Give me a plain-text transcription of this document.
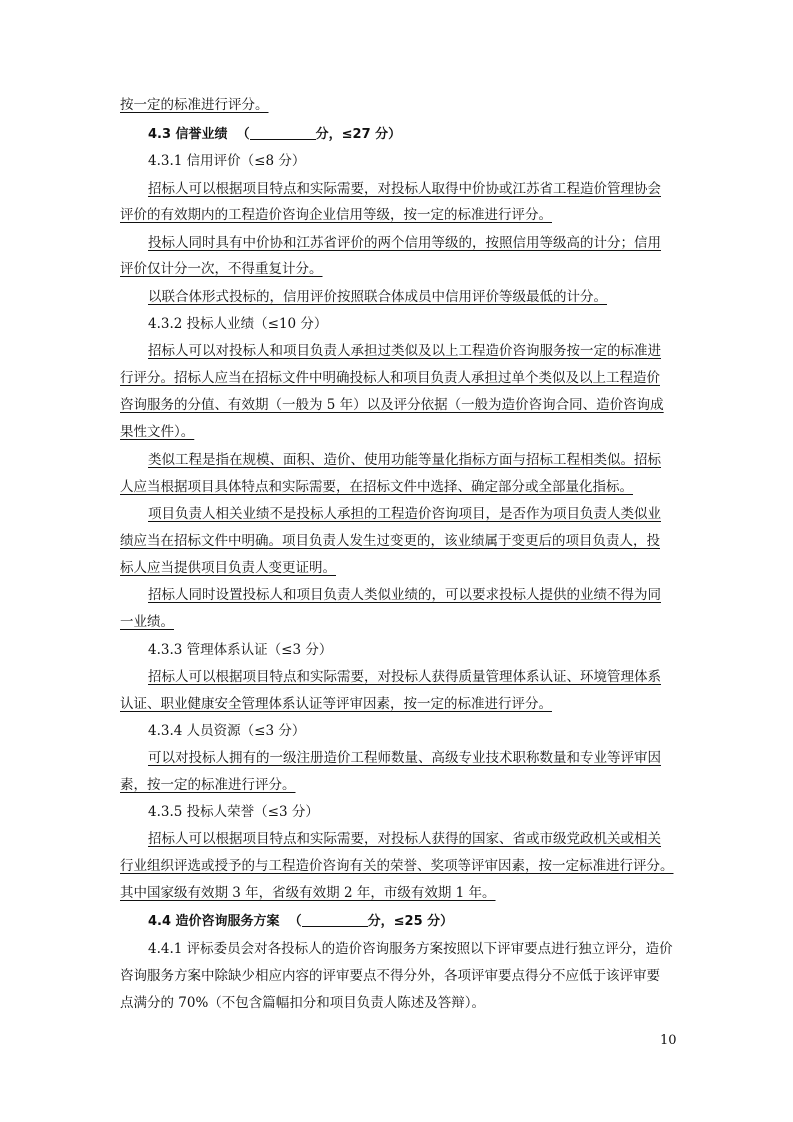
按一定的标准进行评分。
4.3 信誉业绩 （	分，≤27 分）
4.3.1 信用评价（≤8 分）
招标人可以根据项目特点和实际需要，对投标人取得中价协或江苏省工程造价管理协会
评价的有效期内的工程造价咨询企业信用等级，按一定的标准进行评分。
投标人同时具有中价协和江苏省评价的两个信用等级的，按照信用等级高的计分；信用
评价仅计分一次，不得重复计分。
以联合体形式投标的，信用评价按照联合体成员中信用评价等级最低的计分。
4.3.2 投标人业绩（≤10 分）
招标人可以对投标人和项目负责人承担过类似及以上工程造价咨询服务按一定的标准进
行评分。招标人应当在招标文件中明确投标人和项目负责人承担过单个类似及以上工程造价
咨询服务的分值、有效期（一般为 5 年）以及评分依据（一般为造价咨询合同、造价咨询成
果性文件）。
类似工程是指在规模、面积、造价、使用功能等量化指标方面与招标工程相类似。招标
人应当根据项目具体特点和实际需要，在招标文件中选择、确定部分或全部量化指标。
项目负责人相关业绩不是投标人承担的工程造价咨询项目，是否作为项目负责人类似业
绩应当在招标文件中明确。项目负责人发生过变更的，该业绩属于变更后的项目负责人，投
标人应当提供项目负责人变更证明。
招标人同时设置投标人和项目负责人类似业绩的，可以要求投标人提供的业绩不得为同
一业绩。
4.3.3 管理体系认证（≤3 分）
招标人可以根据项目特点和实际需要，对投标人获得质量管理体系认证、环境管理体系
认证、职业健康安全管理体系认证等评审因素，按一定的标准进行评分。
4.3.4 人员资源（≤3 分）
可以对投标人拥有的一级注册造价工程师数量、高级专业技术职称数量和专业等评审因
素，按一定的标准进行评分。
4.3.5 投标人荣誉（≤3 分）
招标人可以根据项目特点和实际需要，对投标人获得的国家、省或市级党政机关或相关
行业组织评选或授予的与工程造价咨询有关的荣誉、奖项等评审因素，按一定标准进行评分。
其中国家级有效期 3 年，省级有效期 2 年，市级有效期 1 年。
4.4 造价咨询服务方案 （	分，≤25 分）
4.4.1 评标委员会对各投标人的造价咨询服务方案按照以下评审要点进行独立评分，造价
咨询服务方案中除缺少相应内容的评审要点不得分外，各项评审要点得分不应低于该评审要
点满分的 70%（不包含篇幅扣分和项目负责人陈述及答辩）。
10
